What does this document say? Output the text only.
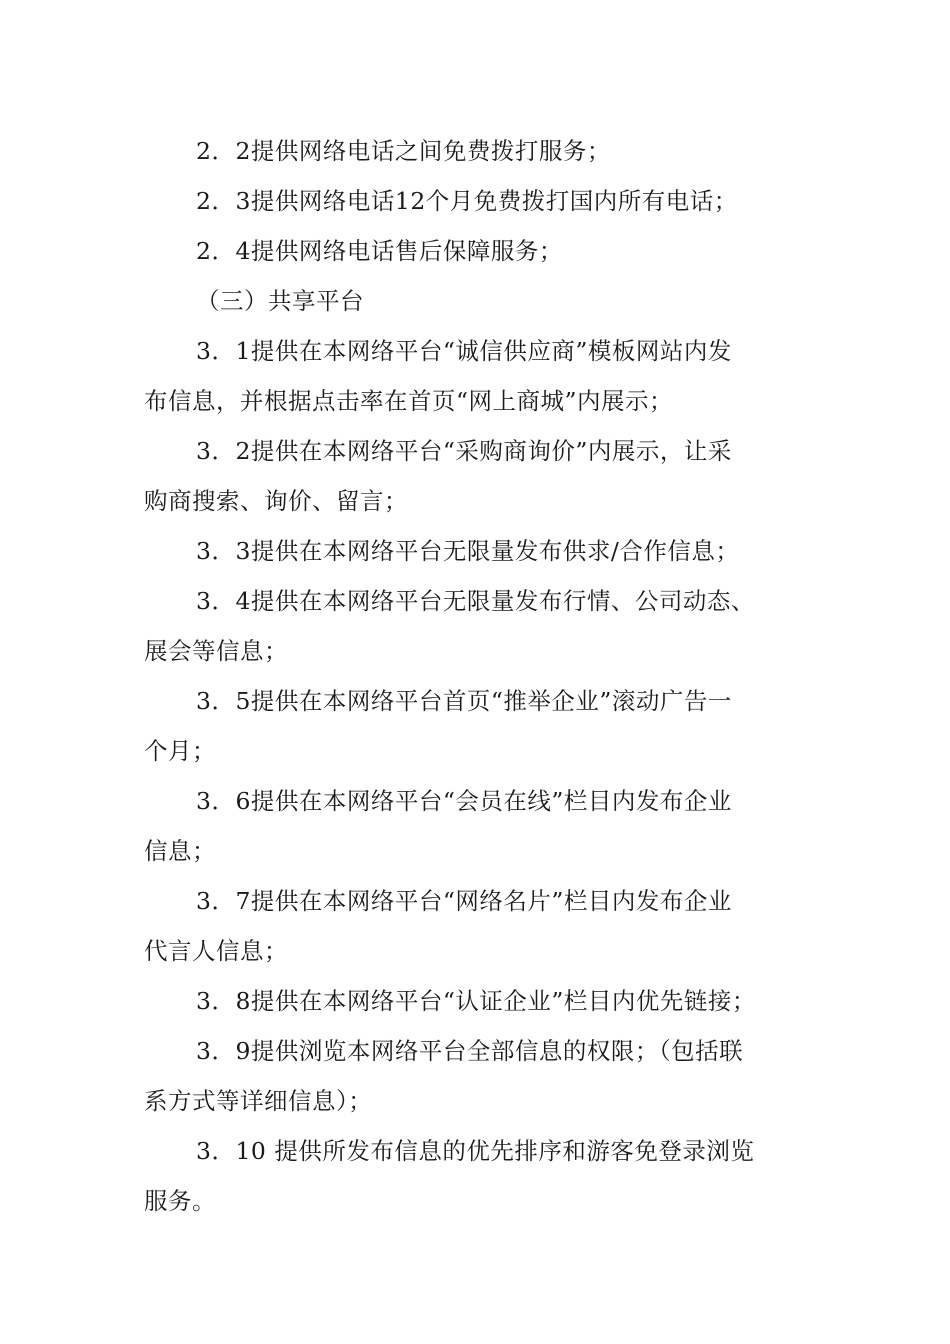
2．2提供网络电话之间免费拨打服务；

2．3提供网络电话12个月免费拨打国内所有电话；

2．4提供网络电话售后保障服务；

（三）共享平台

3．1提供在本网络平台“诚信供应商”模板网站内发

布信息，并根据点击率在首页“网上商城”内展示；

3．2提供在本网络平台“采购商询价”内展示，让采

购商搜索、询价、留言；

3．3提供在本网络平台无限量发布供求/合作信息；

3．4提供在本网络平台无限量发布行情、公司动态、

展会等信息；

3．5提供在本网络平台首页“推举企业”滚动广告一

个月；

3．6提供在本网络平台“会员在线”栏目内发布企业

信息；

3．7提供在本网络平台“网络名片”栏目内发布企业

代言人信息；

3．8提供在本网络平台“认证企业”栏目内优先链接；

3．9提供浏览本网络平台全部信息的权限；（包括联

系方式等详细信息）；

3．10 提供所发布信息的优先排序和游客免登录浏览

服务。
